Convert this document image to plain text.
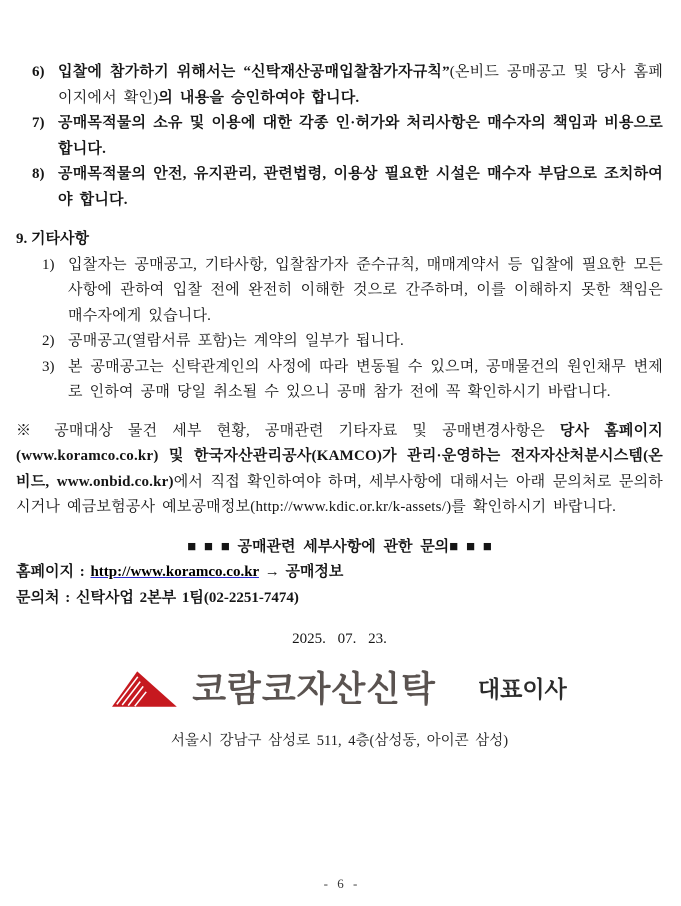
6) 입찰에 참가하기 위해서는 “신탁재산공매입찰참가자규칙”(온비드 공매공고 및 당사 홈페이지에서 확인)의 내용을 승인하여야 합니다.
7) 공매목적물의 소유 및 이용에 대한 각종 인·허가와 처리사항은 매수자의 책임과 비용으로 합니다.
8) 공매목적물의 안전, 유지관리, 관련법령, 이용상 필요한 시설은 매수자 부담으로 조치하여야 합니다.
9. 기타사항
1) 입찰자는 공매공고, 기타사항, 입찰참가자 준수규칙, 매매계약서 등 입찰에 필요한 모든 사항에 관하여 입찰 전에 완전히 이해한 것으로 간주하며, 이를 이해하지 못한 책임은 매수자에게 있습니다.
2) 공매공고(열람서류 포함)는 계약의 일부가 됩니다.
3) 본 공매공고는 신탁관계인의 사정에 따라 변동될 수 있으며, 공매물건의 원인채무 변제로 인하여 공매 당일 취소될 수 있으니 공매 참가 전에 꼭 확인하시기 바랍니다.

※ 공매대상 물건 세부 현황, 공매관련 기타자료 및 공매변경사항은 당사 홈페이지(www.koramco.co.kr) 및 한국자산관리공사(KAMCO)가 관리·운영하는 전자자산처분시스템(온비드, www.onbid.co.kr)에서 직접 확인하여야 하며, 세부사항에 대해서는 아래 문의처로 문의하시거나 예금보험공사 예보공매정보(http://www.kdic.or.kr/k-assets/)를 확인하시기 바랍니다.

■ ■ ■ 공매관련 세부사항에 관한 문의■ ■ ■
홈페이지 : http://www.koramco.co.kr → 공매정보
문의처 : 신탁사업 2본부 1팀(02-2251-7474)
2025. 07. 23.
코람코자산신탁 대표이사
서울시 강남구 삼성로 511, 4층(삼성동, 아이콘 삼성)
- 6 -
